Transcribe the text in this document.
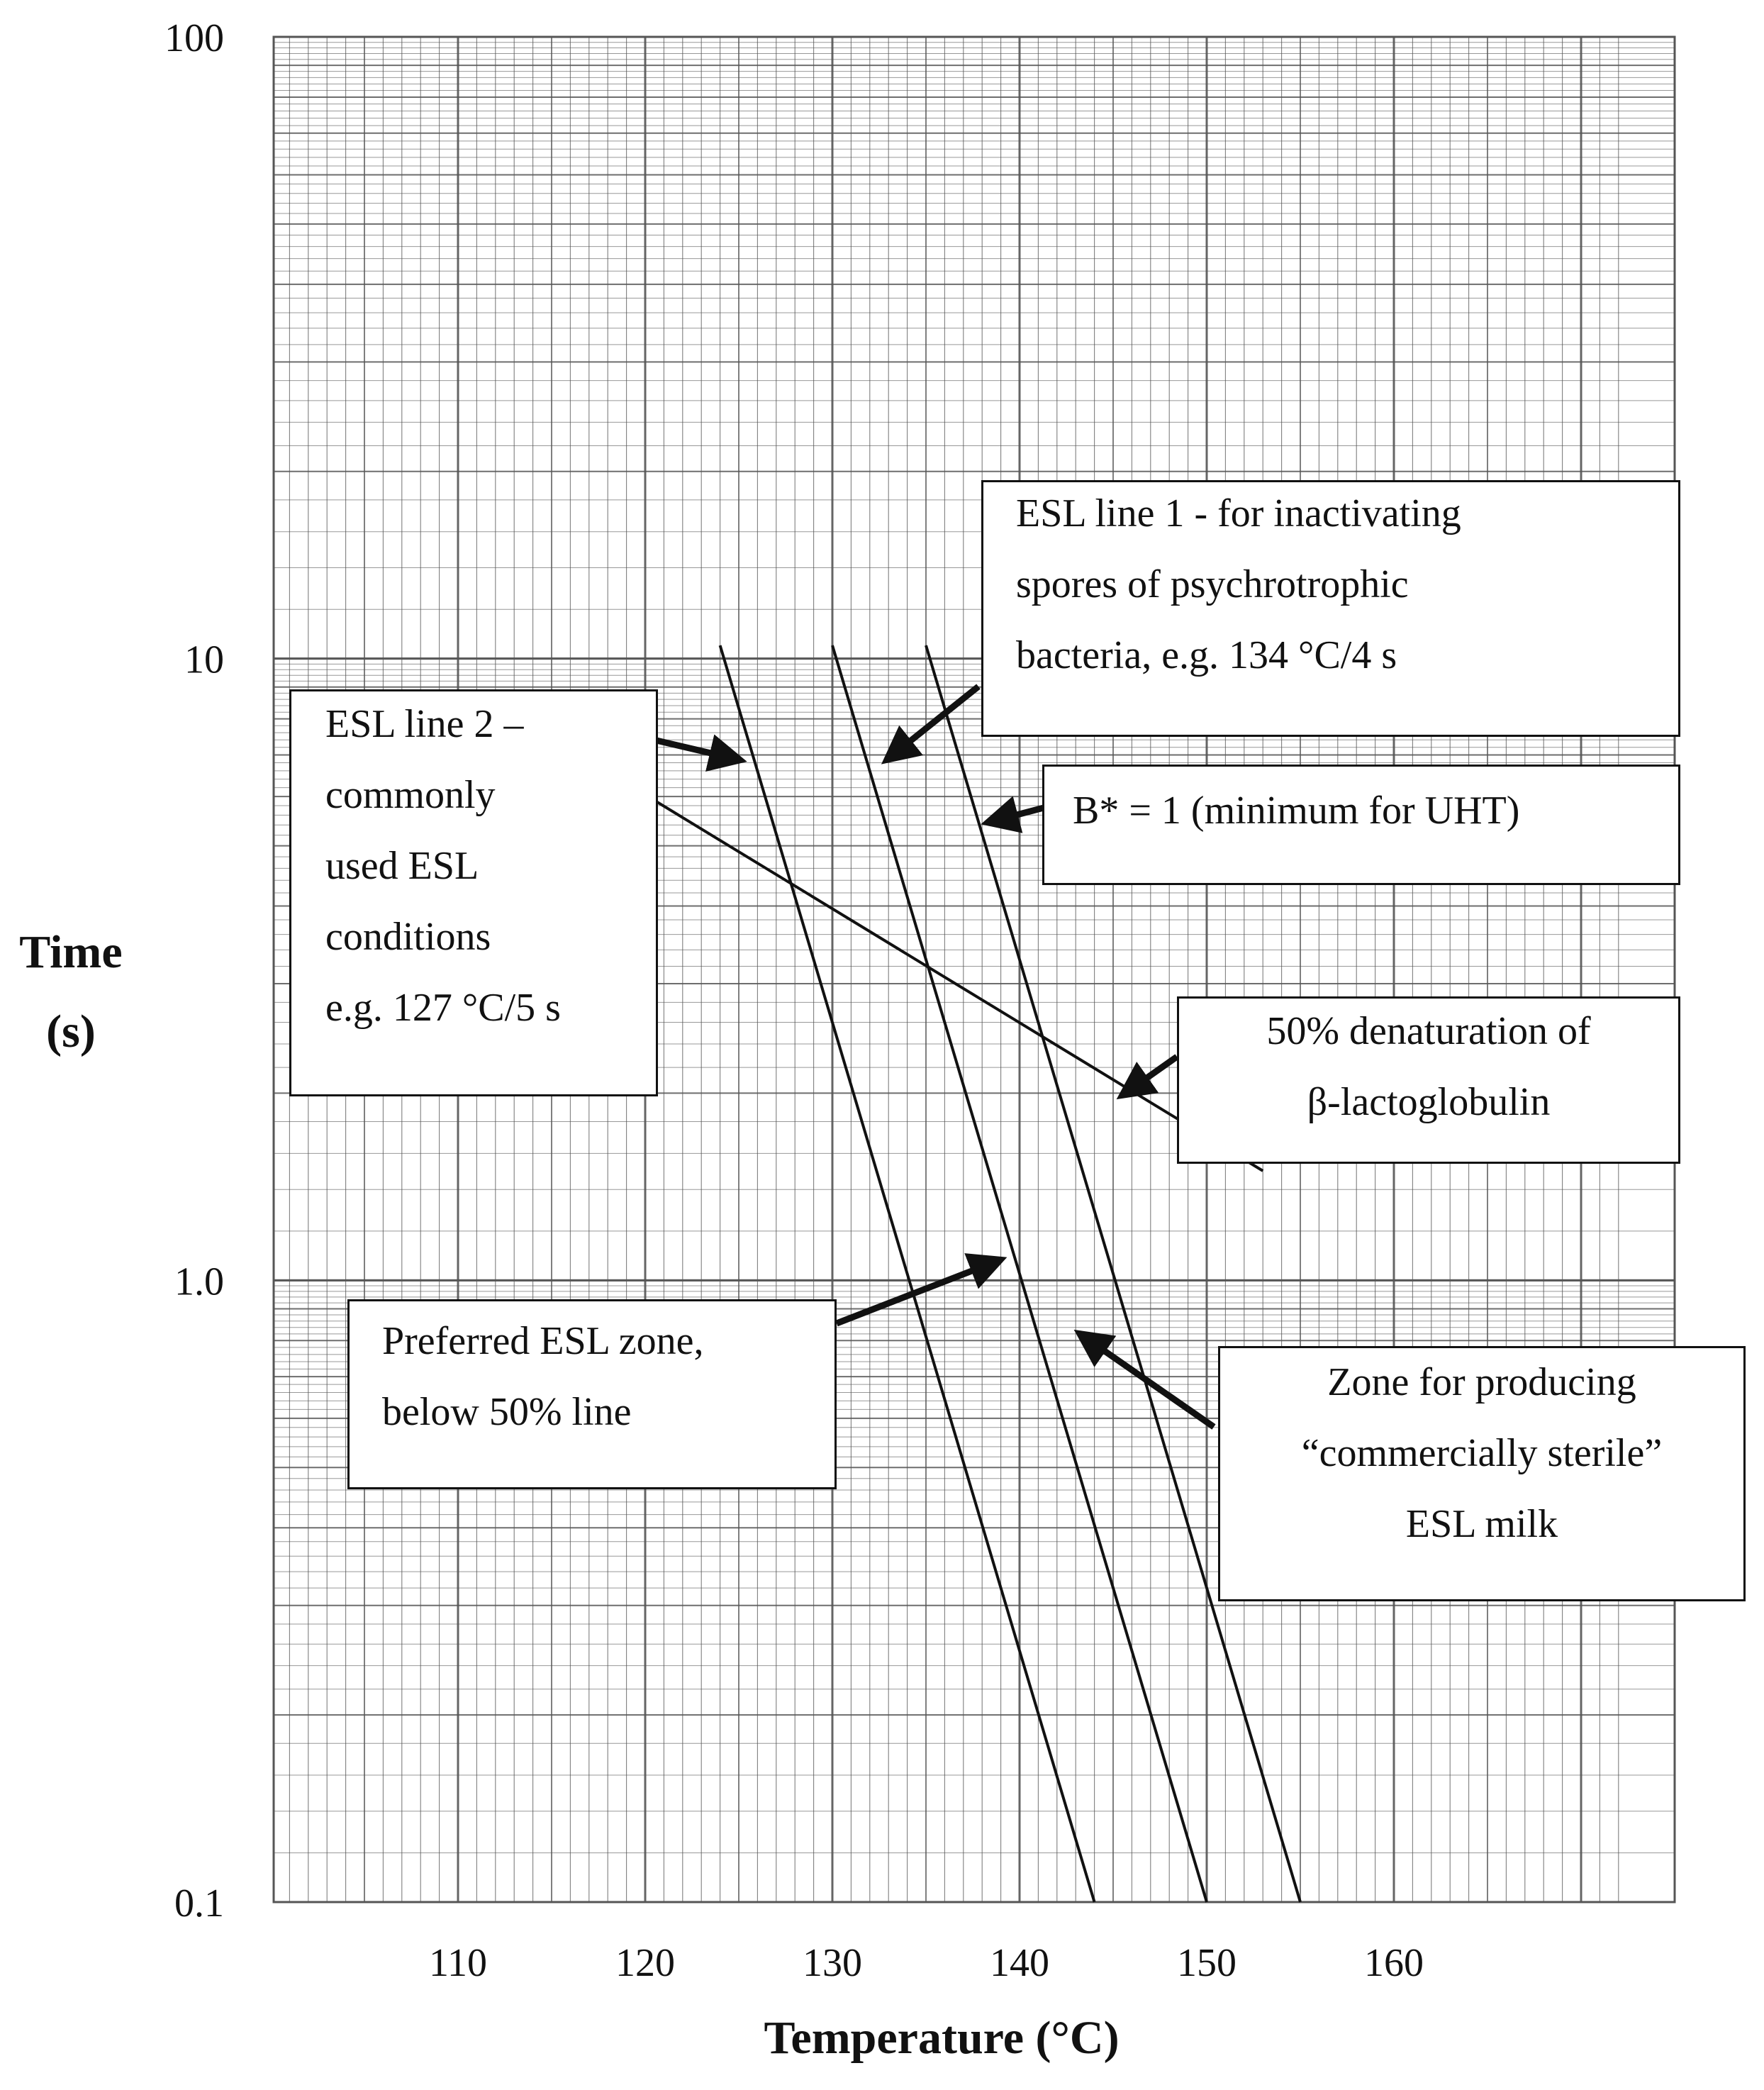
110	120	130	140	150	160
0.1
1.0
10
100
Temperature (°C)
Time (s)
ESL line 1 - for inactivating
spores of psychrotrophic
bacteria, e.g. 134 °C/4 s
ESL line 2 –
commonly
used ESL
conditions
e.g. 127 °C/5 s
B* = 1 (minimum for UHT)
50% denaturation of
β-lactoglobulin
Preferred ESL zone,
below 50% line
Zone for producing
“commercially sterile”
ESL milk
